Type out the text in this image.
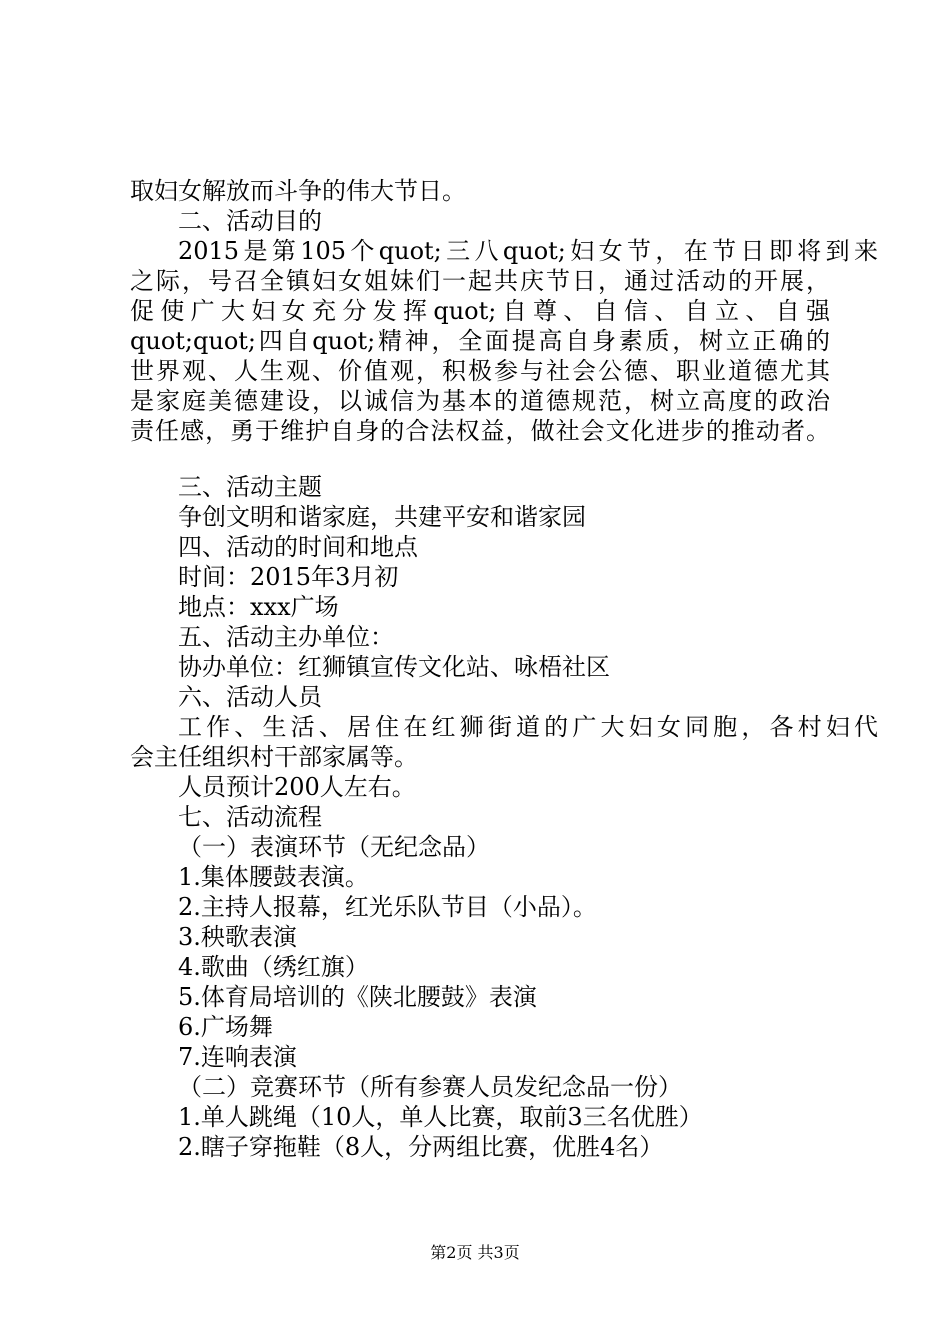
取妇女解放而斗争的伟大节日。

二、活动目的

2015是第105个quot;三八quot;妇女节，在节日即将到来

之际，号召全镇妇女姐妹们一起共庆节日，通过活动的开展，

促使广大妇女充分发挥quot;自尊、自信、自立、自强

quot;quot;四自quot;精神，全面提高自身素质，树立正确的

世界观、人生观、价值观，积极参与社会公德、职业道德尤其

是家庭美德建设，以诚信为基本的道德规范，树立高度的政治

责任感，勇于维护自身的合法权益，做社会文化进步的推动者。

三、活动主题

争创文明和谐家庭，共建平安和谐家园

四、活动的时间和地点

时间：2015年3月初

地点：xxx广场

五、活动主办单位：

协办单位：红狮镇宣传文化站、咏梧社区

六、活动人员

工作、生活、居住在红狮街道的广大妇女同胞，各村妇代

会主任组织村干部家属等。

人员预计200人左右。

七、活动流程

（一）表演环节（无纪念品）

1.集体腰鼓表演。

2.主持人报幕，红光乐队节目（小品）。

3.秧歌表演

4.歌曲（绣红旗）

5.体育局培训的《陕北腰鼓》表演

6.广场舞

7.连响表演

（二）竞赛环节（所有参赛人员发纪念品一份）

1.单人跳绳（10人，单人比赛，取前3三名优胜）

2.瞎子穿拖鞋（8人，分两组比赛，优胜4名）

第2页 共3页
